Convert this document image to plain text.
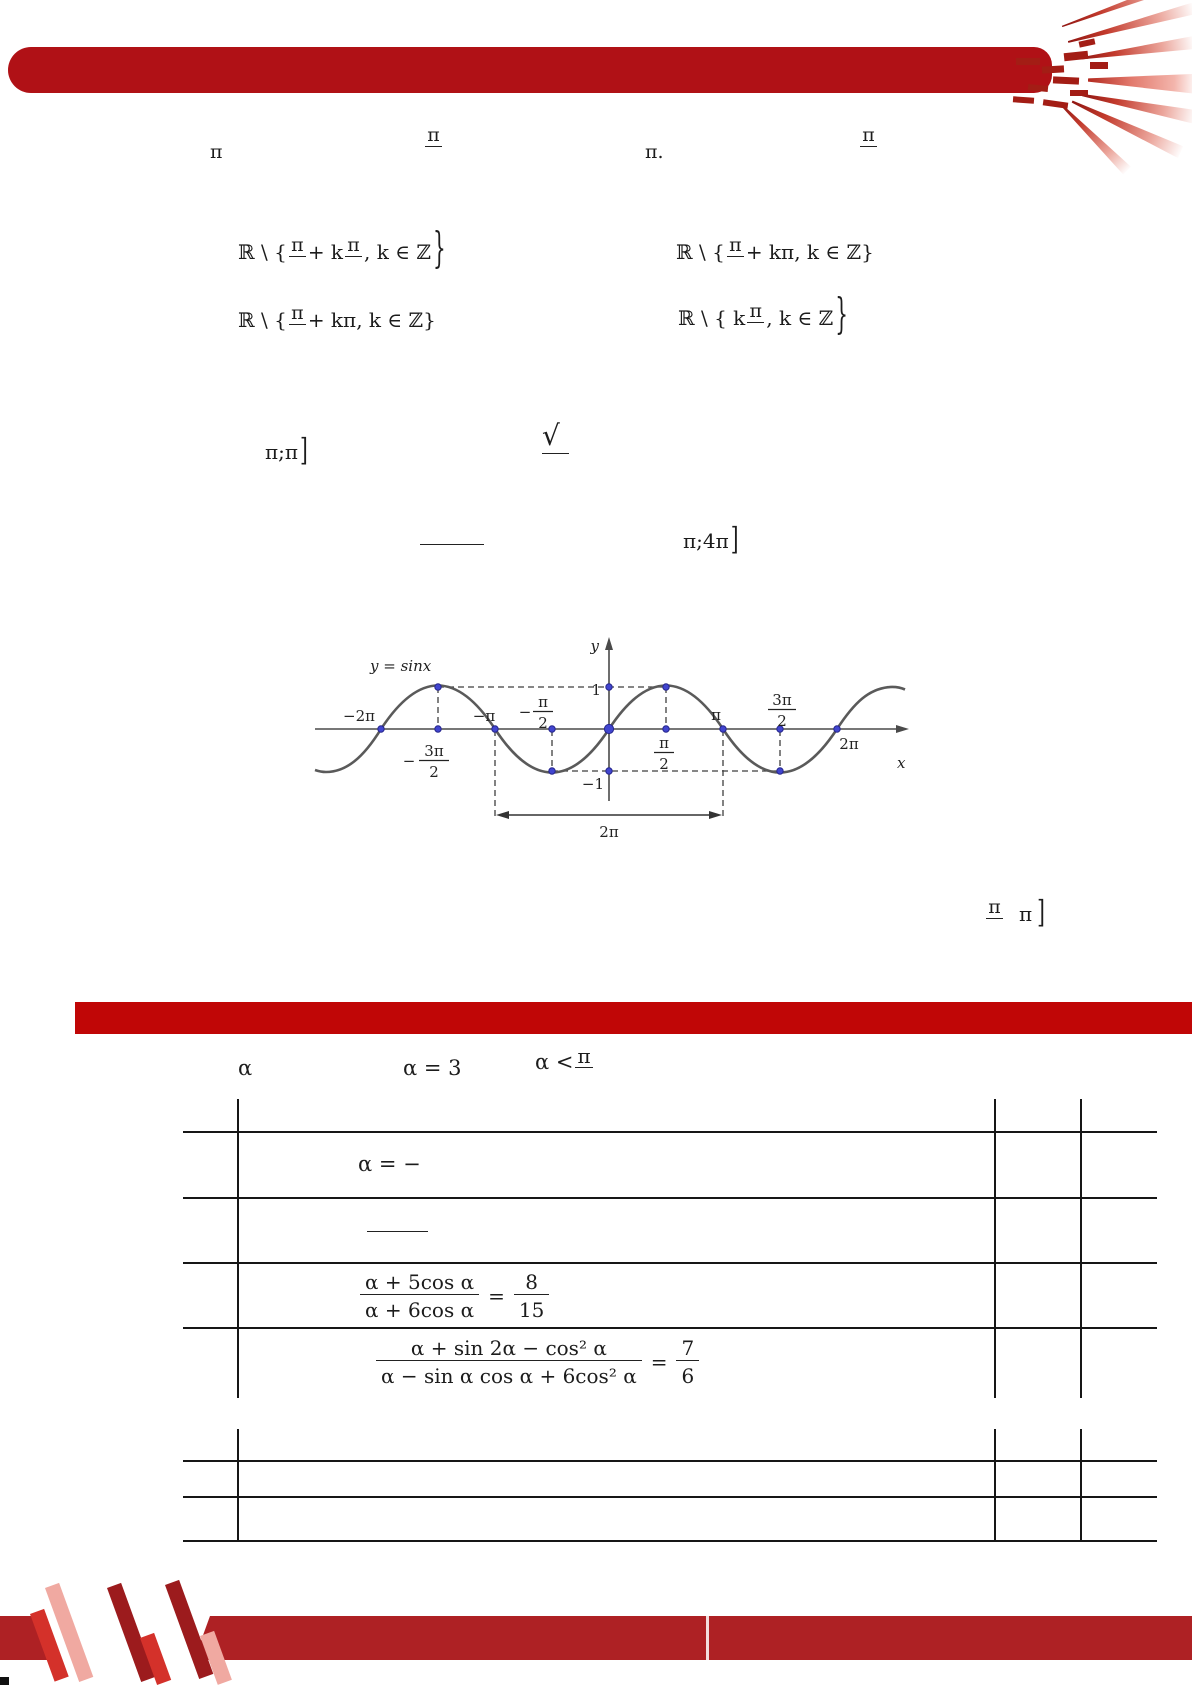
π
π
π.
π
ℝ \ { π + k π , k ∈ ℤ }	ℝ \ { π + kπ, k ∈ ℤ}
ℝ \ { π + kπ, k ∈ ℤ}	ℝ \ { k π , k ∈ ℤ }
π;π ]	√
π;4π ]
y = sinx
y
x
1
−1
−2π
−
3π
2
−π −
π
2
π
2
π
3π
2
2π
2π
π π ]
α	α = 3	α < π
α = −
$\frac{\text{α + 5cos α}}{\text{α + 6cos α}} = \frac{8}{15}$
$\frac{\text{α + sin 2α − cos² α}}{\text{α − sin α cos α + 6cos² α}} = \frac{7}{6}$
